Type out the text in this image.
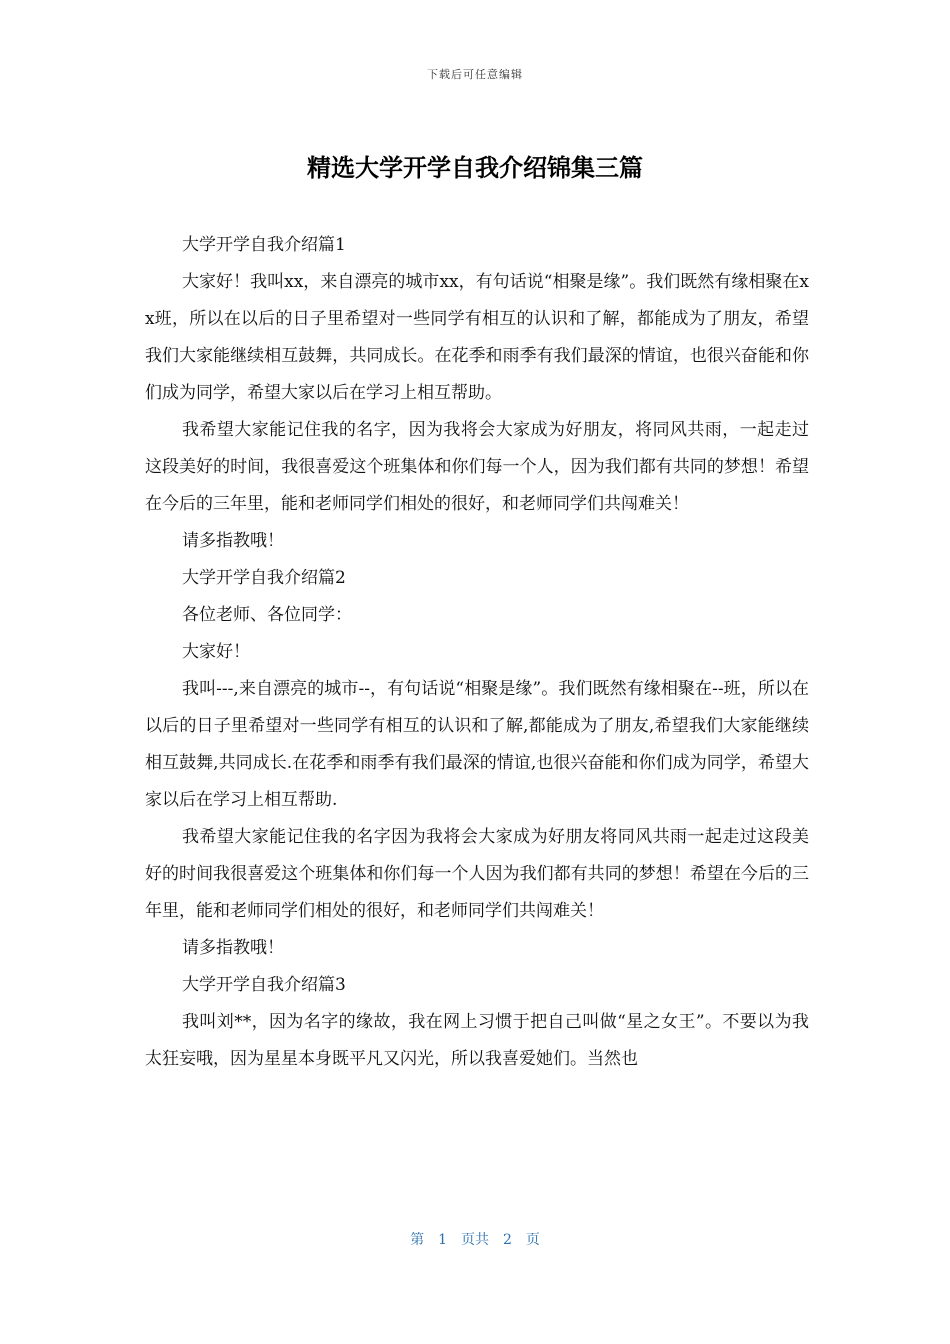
下载后可任意编辑
精选大学开学自我介绍锦集三篇

大学开学自我介绍篇1

大家好！我叫xx，来自漂亮的城市xx，有句话说“相聚是缘”。我们既然有缘相聚在xx班，所以在以后的日子里希望对一些同学有相互的认识和了解，都能成为了朋友，希望我们大家能继续相互鼓舞，共同成长。在花季和雨季有我们最深的情谊，也很兴奋能和你们成为同学，希望大家以后在学习上相互帮助。

我希望大家能记住我的名字，因为我将会大家成为好朋友，将同风共雨，一起走过这段美好的时间，我很喜爱这个班集体和你们每一个人，因为我们都有共同的梦想！希望在今后的三年里，能和老师同学们相处的很好，和老师同学们共闯难关！

请多指教哦！

大学开学自我介绍篇2

各位老师、各位同学：

大家好！

我叫---,来自漂亮的城市--，有句话说“相聚是缘”。我们既然有缘相聚在--班，所以在以后的日子里希望对一些同学有相互的认识和了解,都能成为了朋友,希望我们大家能继续相互鼓舞,共同成长.在花季和雨季有我们最深的情谊,也很兴奋能和你们成为同学，希望大家以后在学习上相互帮助.

我希望大家能记住我的名字因为我将会大家成为好朋友将同风共雨一起走过这段美好的时间我很喜爱这个班集体和你们每一个人因为我们都有共同的梦想！希望在今后的三年里，能和老师同学们相处的很好，和老师同学们共闯难关！

请多指教哦！

大学开学自我介绍篇3

我叫刘**，因为名字的缘故，我在网上习惯于把自己叫做“星之女王”。不要以为我太狂妄哦，因为星星本身既平凡又闪光，所以我喜爱她们。当然也

第 1 页共 2 页
